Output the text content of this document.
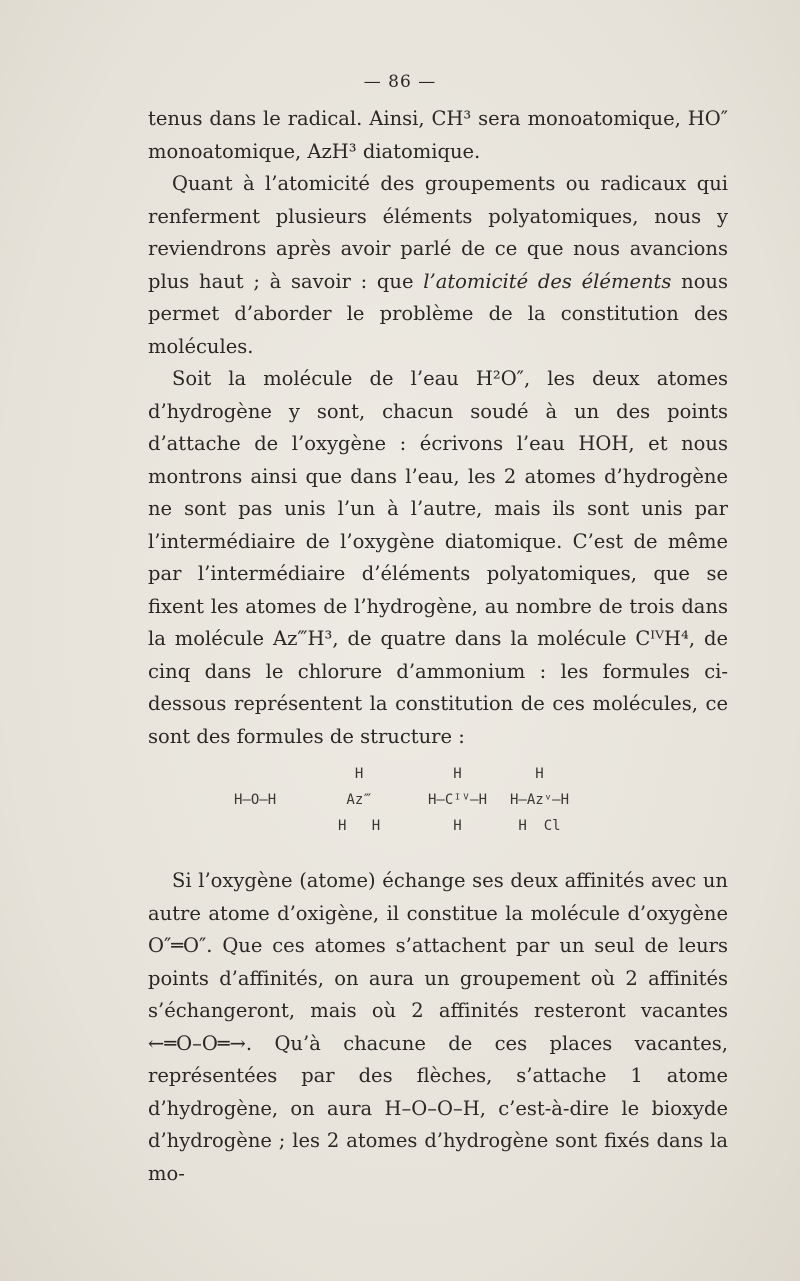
— 86 —

tenus dans le radical. Ainsi, CH³ sera monoatomique, HO″ monoatomique, AzH³ diatomique.

Quant à l’atomicité des groupements ou radicaux qui renferment plusieurs éléments polyatomiques, nous y reviendrons après avoir parlé de ce que nous avancions plus haut ; à savoir : que l’atomicité des éléments nous permet d’aborder le problème de la constitution des molécules.

Soit la molécule de l’eau H²O″, les deux atomes d’hydrogène y sont, chacun soudé à un des points d’attache de l’oxygène : écrivons l’eau HOH, et nous montrons ainsi que dans l’eau, les 2 atomes d’hydrogène ne sont pas unis l’un à l’autre, mais ils sont unis par l’intermédiaire de l’oxygène diatomique. C’est de même par l’intermédiaire d’éléments polyatomiques, que se fixent les atomes de l’hydrogène, au nombre de trois dans la molécule Az‴H³, de quatre dans la molécule CᴵⱽH⁴, de cinq dans le chlorure d’ammonium : les formules ci-dessous représentent la constitution de ces molécules, ce sont des formules de structure :

H–O–H

H
Az‴
H   H
H
H–Cᴵⱽ–H
H
H
H–Azᵛ–H
H  Cl

Si l’oxygène (atome) échange ses deux affinités avec un autre atome d’oxigène, il constitue la molécule d’oxygène O″═O″. Que ces atomes s’attachent par un seul de leurs points d’affinités, on aura un groupement où 2 affinités s’échangeront, mais où 2 affinités resteront vacantes ←═O–O═→. Qu’à chacune de ces places vacantes, représentées par des flèches, s’attache 1 atome d’hydrogène, on aura H–O–O–H, c’est-à-dire le bioxyde d’hydrogène ; les 2 atomes d’hydrogène sont fixés dans la mo-
